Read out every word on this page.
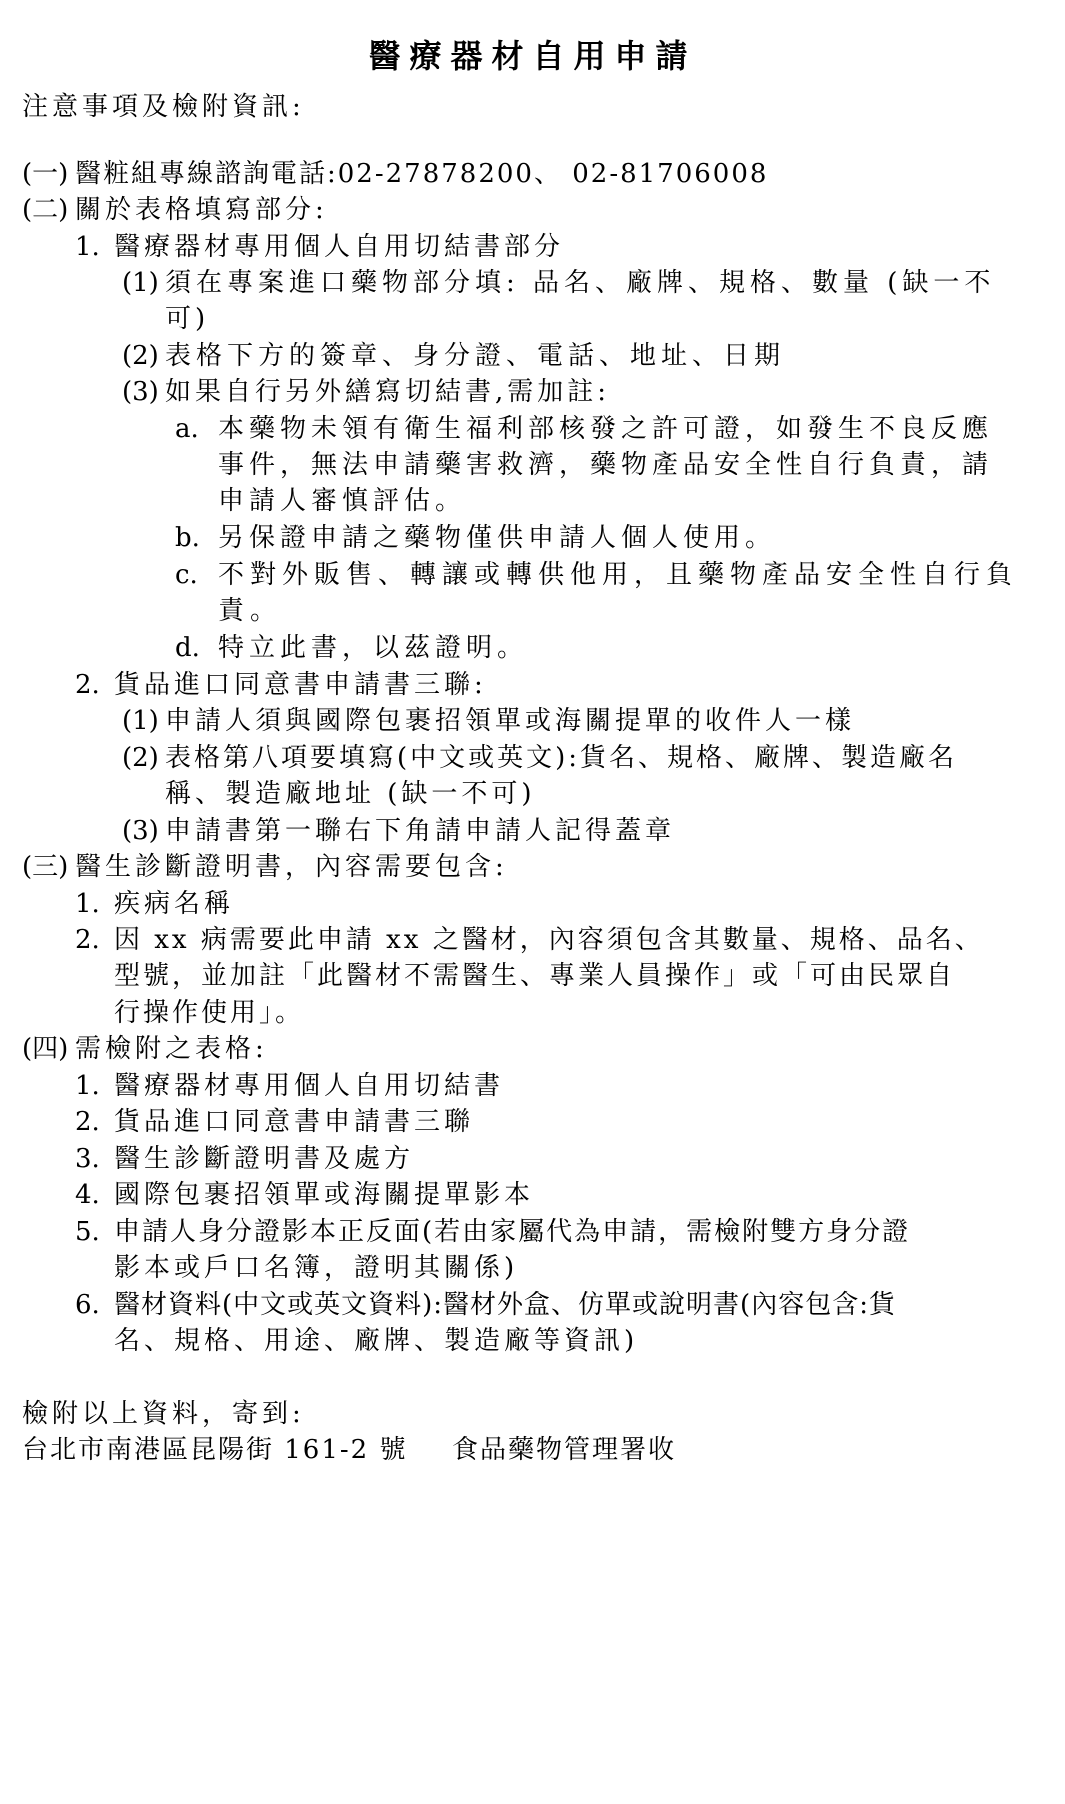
醫療器材自用申請
注意事項及檢附資訊:
(一) 醫粧組專線諮詢電話:02-27878200、 02-81706008
(二) 關於表格填寫部分:
1. 醫療器材專用個人自用切結書部分
(1) 須在專案進口藥物部分填: 品名、廠牌、規格、數量 (缺一不
可)
(2) 表格下方的簽章、身分證、電話、地址、日期
(3) 如果自行另外繕寫切結書,需加註:
a. 本藥物未領有衛生福利部核發之許可證，如發生不良反應
事件，無法申請藥害救濟，藥物產品安全性自行負責，請
申請人審慎評估。
b. 另保證申請之藥物僅供申請人個人使用。
c. 不對外販售、轉讓或轉供他用，且藥物產品安全性自行負
責。
d. 特立此書，以茲證明。
2. 貨品進口同意書申請書三聯:
(1) 申請人須與國際包裹招領單或海關提單的收件人一樣
(2) 表格第八項要填寫(中文或英文):貨名、規格、廠牌、製造廠名
稱、製造廠地址 (缺一不可)
(3) 申請書第一聯右下角請申請人記得蓋章
(三) 醫生診斷證明書，內容需要包含:
1. 疾病名稱
2. 因 xx 病需要此申請 xx 之醫材，內容須包含其數量、規格、品名、
型號，並加註「此醫材不需醫生、專業人員操作」或「可由民眾自
行操作使用」。
(四) 需檢附之表格:
1. 醫療器材專用個人自用切結書
2. 貨品進口同意書申請書三聯
3. 醫生診斷證明書及處方
4. 國際包裹招領單或海關提單影本
5. 申請人身分證影本正反面(若由家屬代為申請，需檢附雙方身分證
影本或戶口名簿，證明其關係)
6. 醫材資料(中文或英文資料):醫材外盒、仿單或說明書(內容包含:貨
名、規格、用途、廠牌、製造廠等資訊)
檢附以上資料，寄到:
台北市南港區昆陽街 161-2 號 食品藥物管理署收
